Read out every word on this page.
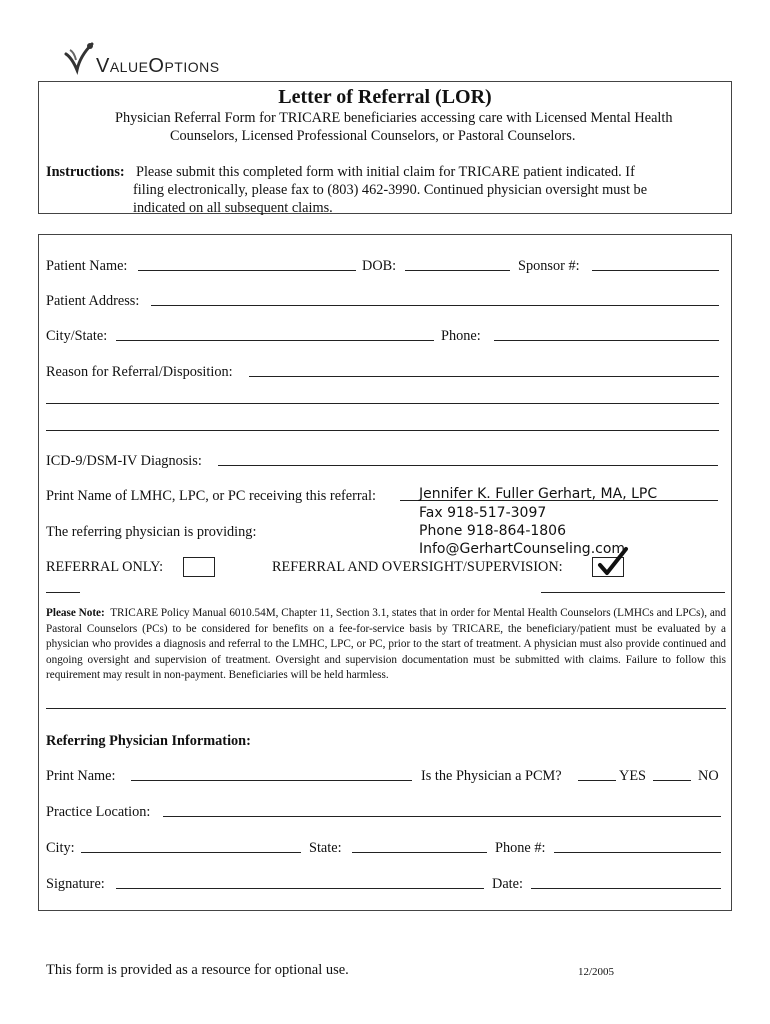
ValueOptions
Letter of Referral (LOR)
Physician Referral Form for TRICARE beneficiaries accessing care with Licensed Mental Health
Counselors, Licensed Professional Counselors, or Pastoral Counselors.
Instructions: Please submit this completed form with initial claim for TRICARE patient indicated. If
filing electronically, please fax to (803) 462-3990. Continued physician oversight must be
indicated on all subsequent claims.
Patient Name:	DOB:	Sponsor #:
Patient Address:
City/State:	Phone:
Reason for Referral/Disposition:
ICD-9/DSM-IV Diagnosis:
Print Name of LMHC, LPC, or PC receiving this referral:	Jennifer K. Fuller Gerhart, MA, LPC
Fax 918-517-3097
Phone 918-864-1806
Info@GerhartCounseling.com
The referring physician is providing:
REFERRAL ONLY:	REFERRAL AND OVERSIGHT/SUPERVISION:
Please Note: TRICARE Policy Manual 6010.54M, Chapter 11, Section 3.1, states that in order for Mental Health Counselors (LMHCs and LPCs), and Pastoral Counselors (PCs) to be considered for benefits on a fee-for-service basis by TRICARE, the beneficiary/patient must be evaluated by a physician who provides a diagnosis and referral to the LMHC, LPC, or PC, prior to the start of treatment. A physician must also provide continued and ongoing oversight and supervision of treatment. Oversight and supervision documentation must be submitted with claims. Failure to follow this requirement may result in non-payment. Beneficiaries will be held harmless.
Referring Physician Information:
Print Name:	Is the Physician a PCM?	YES	NO
Practice Location:
City:	State:	Phone #:
Signature:	Date:
This form is provided as a resource for optional use.	12/2005
